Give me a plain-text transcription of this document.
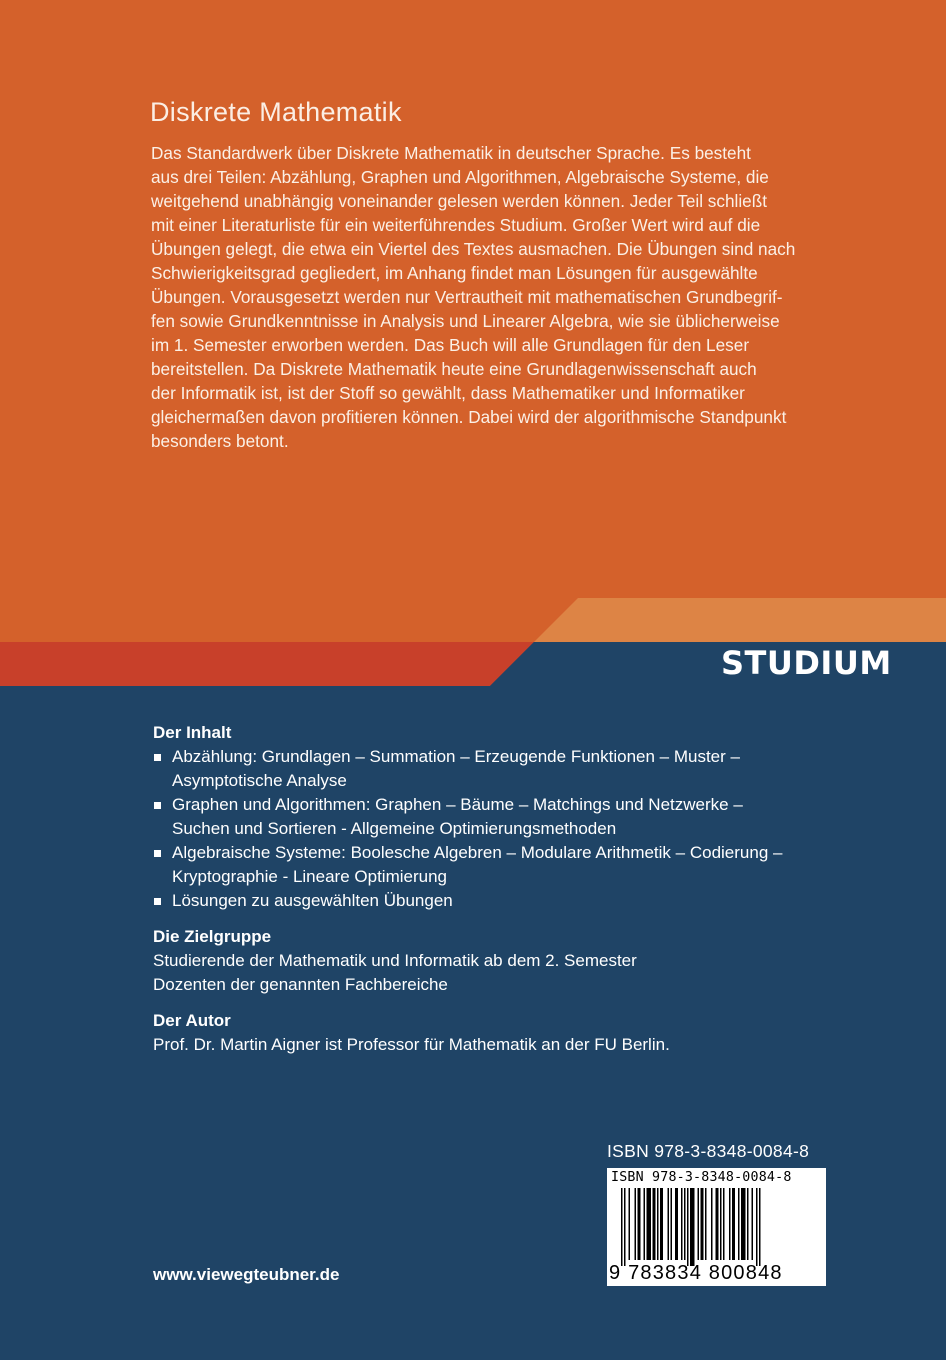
Diskrete Mathematik
Das Standardwerk über Diskrete Mathematik in deutscher Sprache. Es besteht
aus drei Teilen: Abzählung, Graphen und Algorithmen, Algebraische Systeme, die
weitgehend unabhängig voneinander gelesen werden können. Jeder Teil schließt
mit einer Literaturliste für ein weiterführendes Studium. Großer Wert wird auf die
Übungen gelegt, die etwa ein Viertel des Textes ausmachen. Die Übungen sind nach
Schwierigkeitsgrad gegliedert, im Anhang findet man Lösungen für ausgewählte
Übungen. Vorausgesetzt werden nur Vertrautheit mit mathematischen Grundbegrif-
fen sowie Grundkenntnisse in Analysis und Linearer Algebra, wie sie üblicherweise
im 1. Semester erworben werden. Das Buch will alle Grundlagen für den Leser
bereitstellen. Da Diskrete Mathematik heute eine Grundlagenwissenschaft auch
der Informatik ist, ist der Stoff so gewählt, dass Mathematiker und Informatiker
gleichermaßen davon profitieren können. Dabei wird der algorithmische Standpunkt
besonders betont.
STUDIUM
Der Inhalt
Abzählung: Grundlagen – Summation – Erzeugende Funktionen – Muster –
Asymptotische Analyse
Graphen und Algorithmen: Graphen – Bäume – Matchings und Netzwerke –
Suchen und Sortieren - Allgemeine Optimierungsmethoden
Algebraische Systeme: Boolesche Algebren – Modulare Arithmetik – Codierung –
Kryptographie - Lineare Optimierung
Lösungen zu ausgewählten Übungen
Die Zielgruppe
Studierende der Mathematik und Informatik ab dem 2. Semester
Dozenten der genannten Fachbereiche
Der Autor
Prof. Dr. Martin Aigner ist Professor für Mathematik an der FU Berlin.
ISBN 978-3-8348-0084-8
ISBN 978-3-8348-0084-8
9 783834 800848
www.viewegteubner.de
